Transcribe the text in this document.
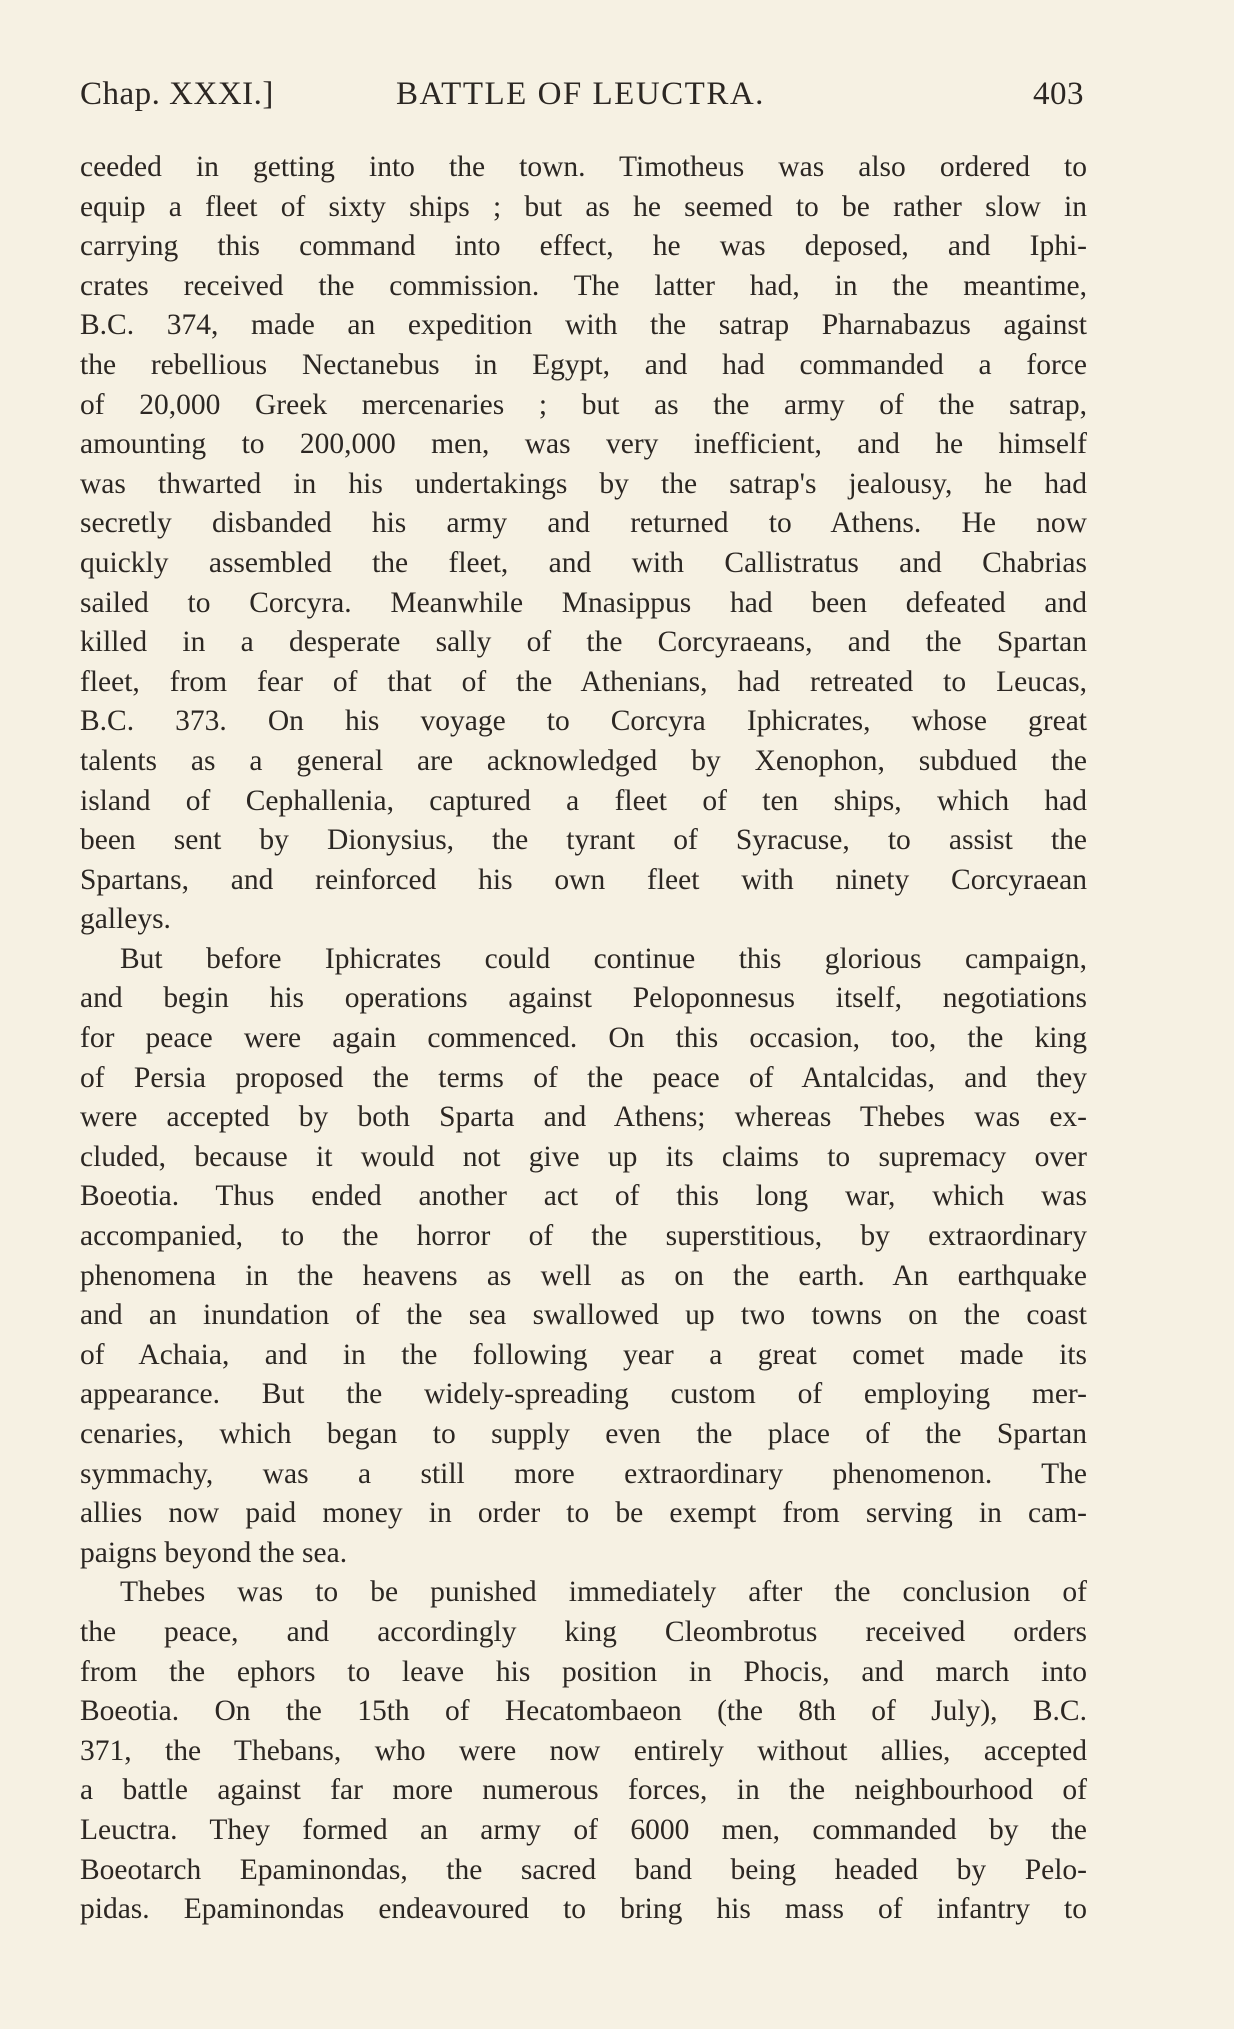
Chap. XXXI.]	BATTLE OF LEUCTRA.	403
ceeded in getting into the town. Timotheus was also ordered to
equip a fleet of sixty ships ; but as he seemed to be rather slow in
carrying this command into effect, he was deposed, and Iphi-
crates received the commission. The latter had, in the meantime,
B.C. 374, made an expedition with the satrap Pharnabazus against
the rebellious Nectanebus in Egypt, and had commanded a force
of 20,000 Greek mercenaries ; but as the army of the satrap,
amounting to 200,000 men, was very inefficient, and he himself
was thwarted in his undertakings by the satrap's jealousy, he had
secretly disbanded his army and returned to Athens. He now
quickly assembled the fleet, and with Callistratus and Chabrias
sailed to Corcyra. Meanwhile Mnasippus had been defeated and
killed in a desperate sally of the Corcyraeans, and the Spartan
fleet, from fear of that of the Athenians, had retreated to Leucas,
B.C. 373. On his voyage to Corcyra Iphicrates, whose great
talents as a general are acknowledged by Xenophon, subdued the
island of Cephallenia, captured a fleet of ten ships, which had
been sent by Dionysius, the tyrant of Syracuse, to assist the
Spartans, and reinforced his own fleet with ninety Corcyraean
galleys.
But before Iphicrates could continue this glorious campaign,
and begin his operations against Peloponnesus itself, negotiations
for peace were again commenced. On this occasion, too, the king
of Persia proposed the terms of the peace of Antalcidas, and they
were accepted by both Sparta and Athens; whereas Thebes was ex-
cluded, because it would not give up its claims to supremacy over
Boeotia. Thus ended another act of this long war, which was
accompanied, to the horror of the superstitious, by extraordinary
phenomena in the heavens as well as on the earth. An earthquake
and an inundation of the sea swallowed up two towns on the coast
of Achaia, and in the following year a great comet made its
appearance. But the widely-spreading custom of employing mer-
cenaries, which began to supply even the place of the Spartan
symmachy, was a still more extraordinary phenomenon. The
allies now paid money in order to be exempt from serving in cam-
paigns beyond the sea.
Thebes was to be punished immediately after the conclusion of
the peace, and accordingly king Cleombrotus received orders
from the ephors to leave his position in Phocis, and march into
Boeotia. On the 15th of Hecatombaeon (the 8th of July), B.C.
371, the Thebans, who were now entirely without allies, accepted
a battle against far more numerous forces, in the neighbourhood of
Leuctra. They formed an army of 6000 men, commanded by the
Boeotarch Epaminondas, the sacred band being headed by Pelo-
pidas. Epaminondas endeavoured to bring his mass of infantry to
